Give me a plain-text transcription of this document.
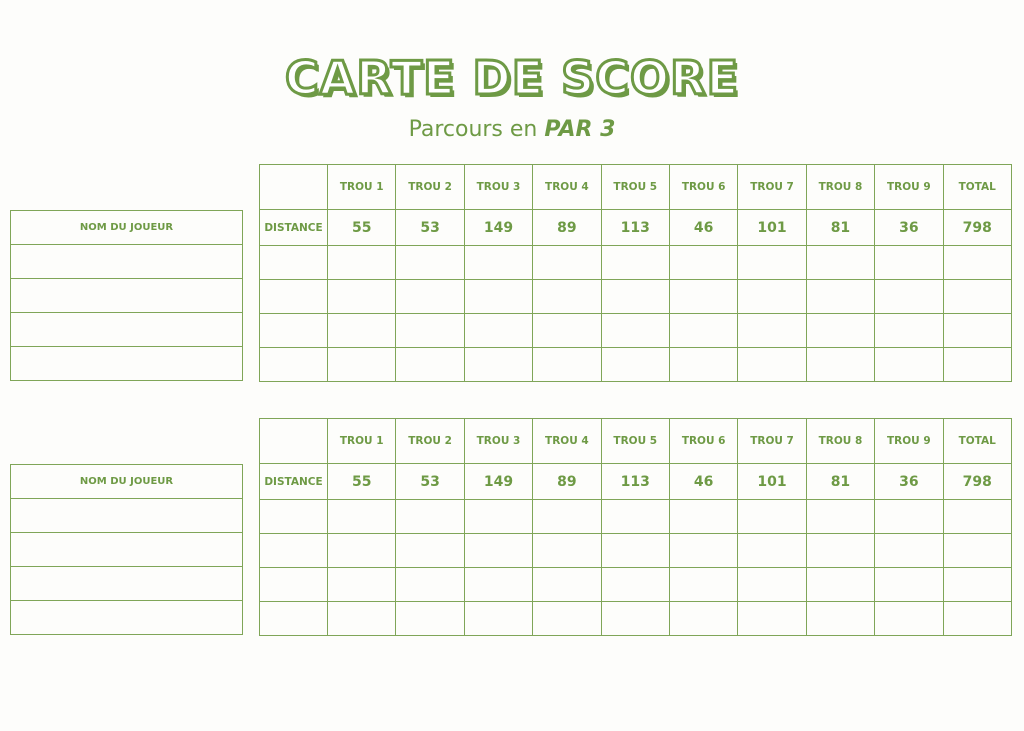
CARTE DE SCORE
Parcours en PAR 3
NOM DU JOUEUR

	TROU 1	TROU 2	TROU 3	TROU 4	TROU 5	TROU 6	TROU 7	TROU 8	TROU 9	TOTAL
DISTANCE	55	53	149	89	113	46	101	81	36	798

NOM DU JOUEUR

	TROU 1	TROU 2	TROU 3	TROU 4	TROU 5	TROU 6	TROU 7	TROU 8	TROU 9	TOTAL
DISTANCE	55	53	149	89	113	46	101	81	36	798
